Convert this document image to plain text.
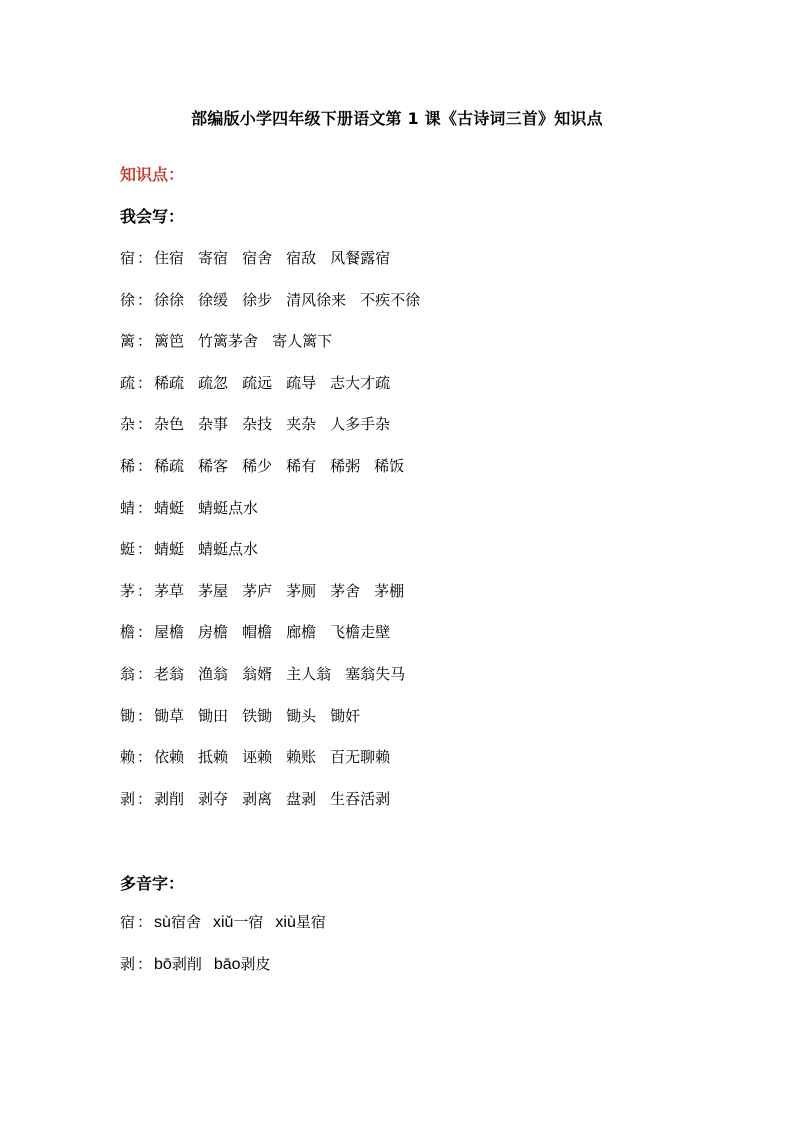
部编版小学四年级下册语文第 1 课《古诗词三首》知识点
知识点：
我会写：
宿 ： 住宿 寄宿 宿舍 宿敌 风餐露宿
徐 ： 徐徐 徐缓 徐步 清风徐来 不疾不徐
篱 ： 篱笆 竹篱茅舍 寄人篱下
疏 ： 稀疏 疏忽 疏远 疏导 志大才疏
杂 ： 杂色 杂事 杂技 夹杂 人多手杂
稀 ： 稀疏 稀客 稀少 稀有 稀粥 稀饭
蜻 ： 蜻蜓 蜻蜓点水
蜓 ： 蜻蜓 蜻蜓点水
茅 ： 茅草 茅屋 茅庐 茅厕 茅舍 茅棚
檐 ： 屋檐 房檐 帽檐 廊檐 飞檐走壁
翁 ： 老翁 渔翁 翁婿 主人翁 塞翁失马
锄 ： 锄草 锄田 铁锄 锄头 锄奸
赖 ： 依赖 抵赖 诬赖 赖账 百无聊赖
剥 ： 剥削 剥夺 剥离 盘剥 生吞活剥
多音字：
宿 ： sù宿舍 xiǔ一宿 xiù星宿
剥 ： bō剥削 bāo剥皮
